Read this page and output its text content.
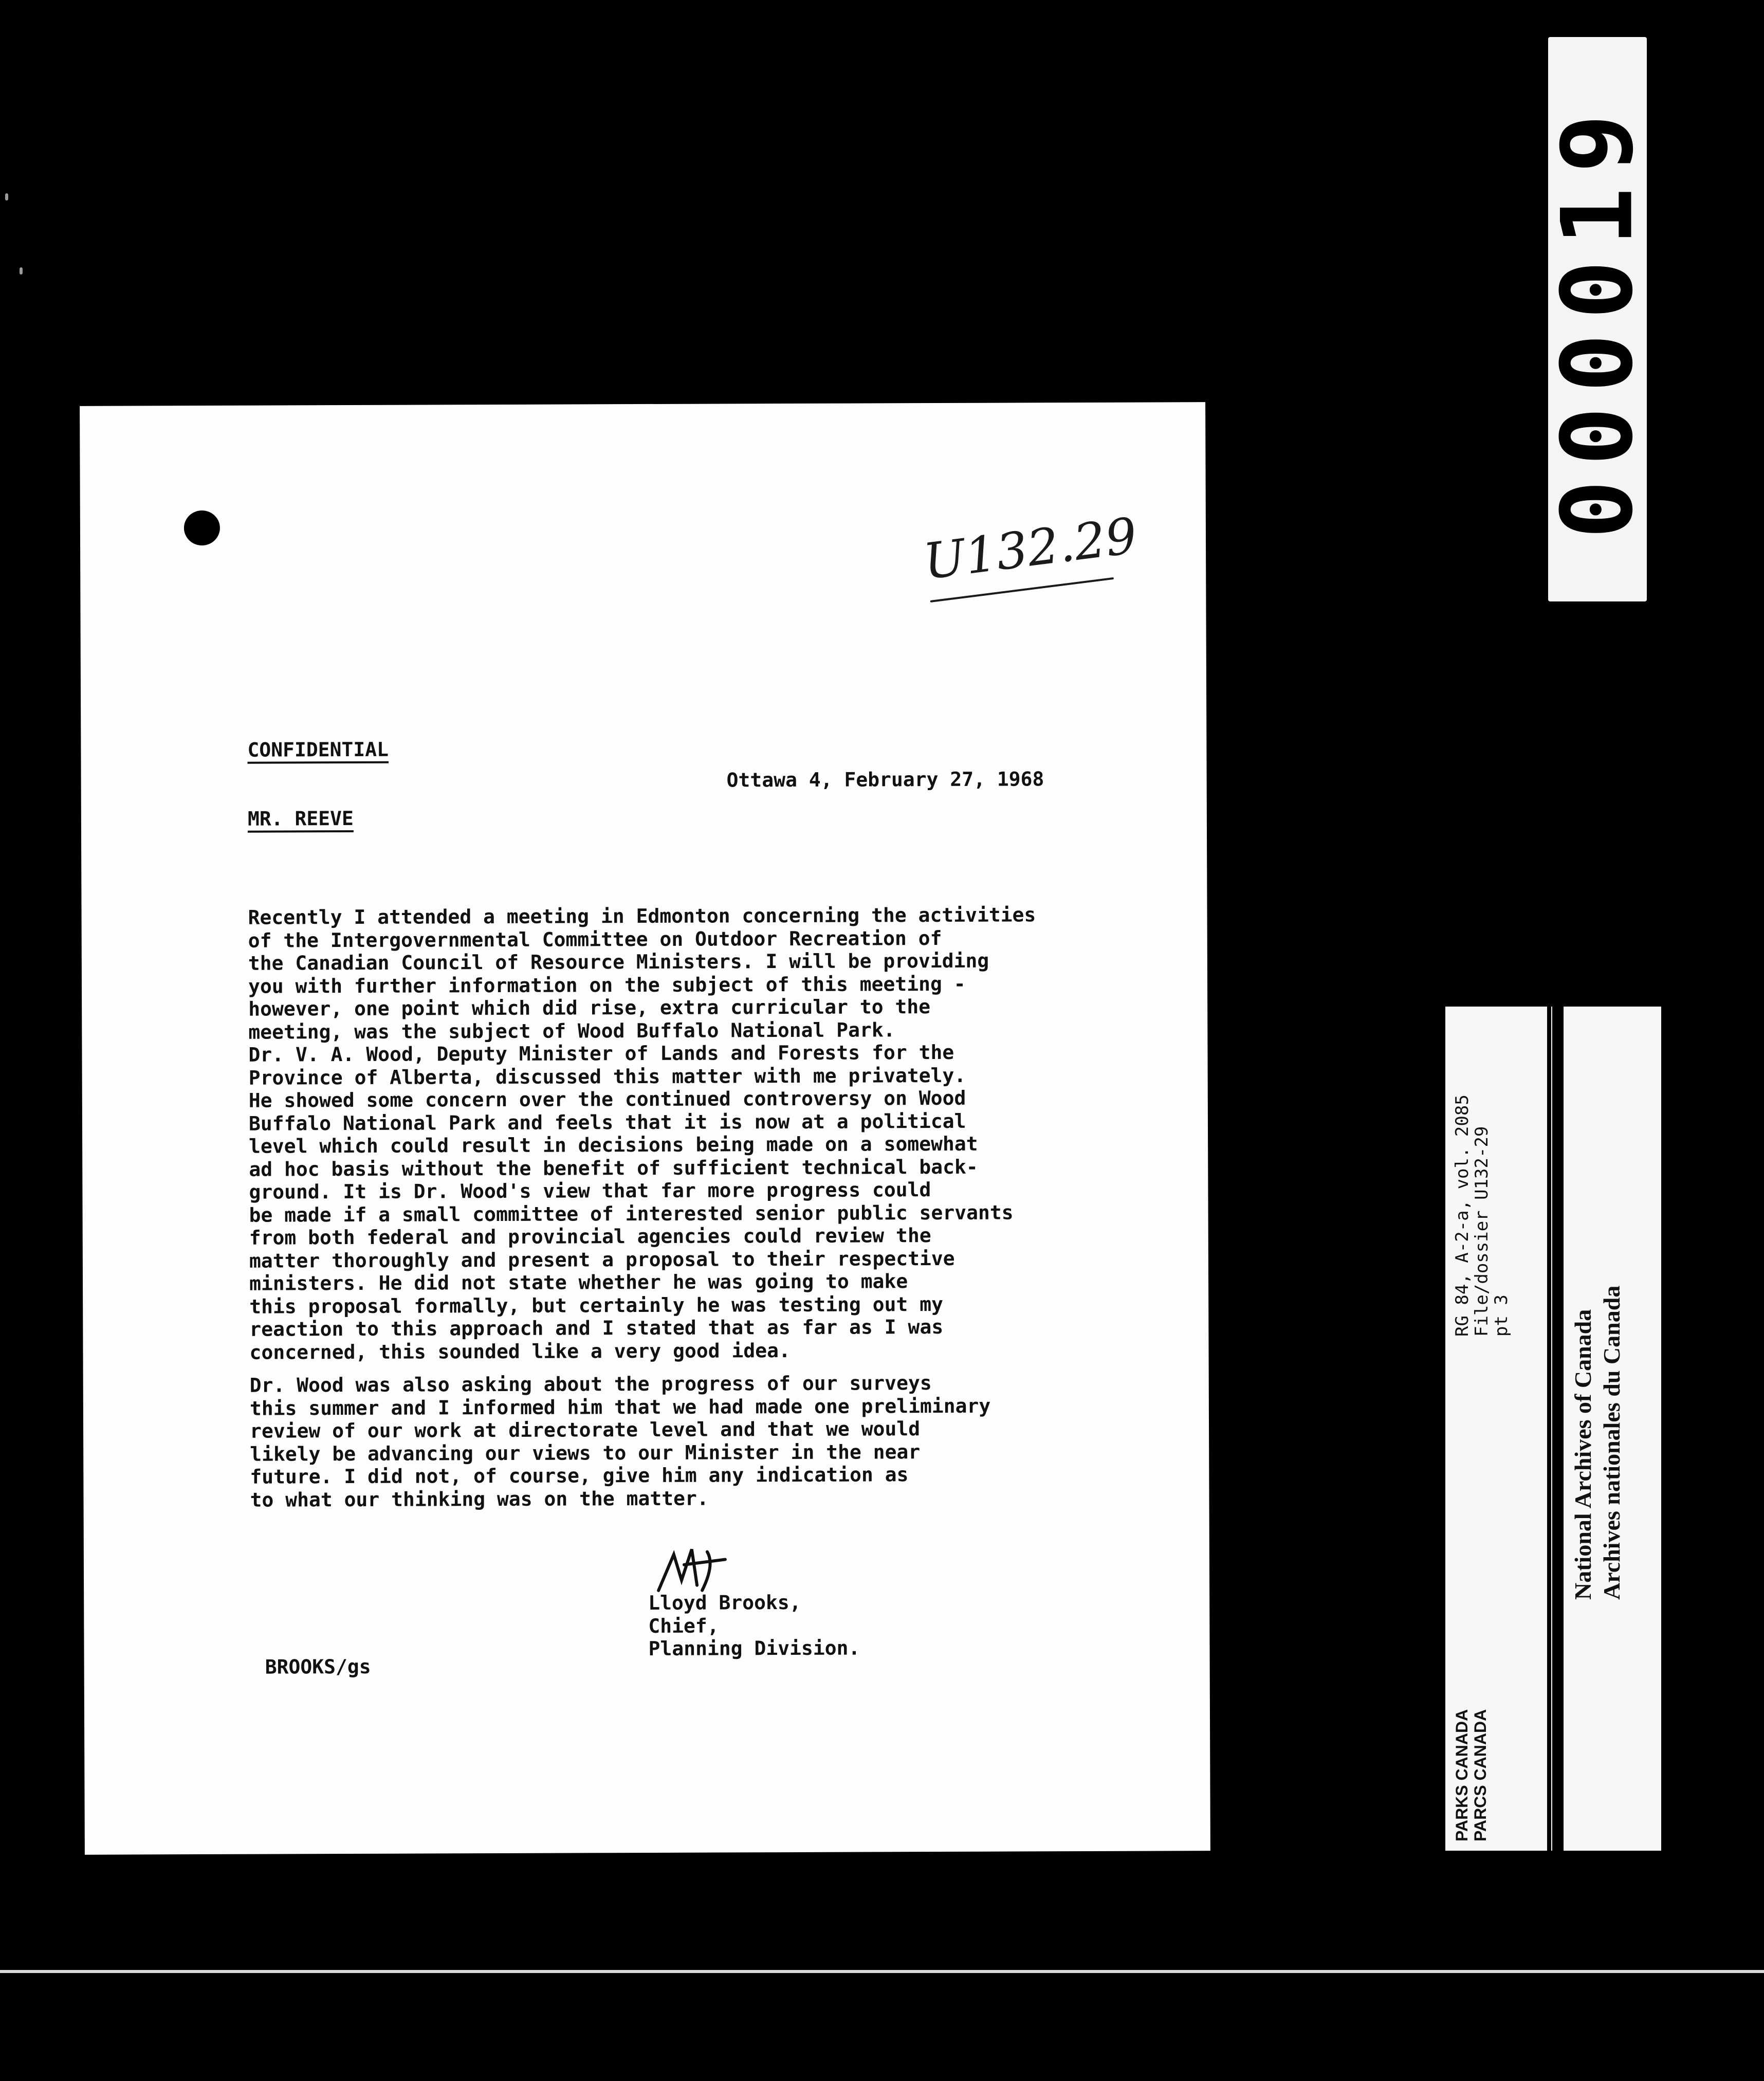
000019
U132.29
CONFIDENTIAL
Ottawa 4, February 27, 1968
MR. REEVE
Recently I attended a meeting in Edmonton concerning the activities
of the Intergovernmental Committee on Outdoor Recreation of
the Canadian Council of Resource Ministers. I will be providing
you with further information on the subject of this meeting -
however, one point which did rise, extra curricular to the
meeting, was the subject of Wood Buffalo National Park.
Dr. V. A. Wood, Deputy Minister of Lands and Forests for the
Province of Alberta, discussed this matter with me privately.
He showed some concern over the continued controversy on Wood
Buffalo National Park and feels that it is now at a political
level which could result in decisions being made on a somewhat
ad hoc basis without the benefit of sufficient technical back-
ground. It is Dr. Wood's view that far more progress could
be made if a small committee of interested senior public servants
from both federal and provincial agencies could review the
matter thoroughly and present a proposal to their respective
ministers. He did not state whether he was going to make
this proposal formally, but certainly he was testing out my
reaction to this approach and I stated that as far as I was
concerned, this sounded like a very good idea.
Dr. Wood was also asking about the progress of our surveys
this summer and I informed him that we had made one preliminary
review of our work at directorate level and that we would
likely be advancing our views to our Minister in the near
future. I did not, of course, give him any indication as
to what our thinking was on the matter.
Lloyd Brooks,
Chief,
Planning Division.
BROOKS/gs
RG 84, A-2-a, vol. 2085
File/dossier U132-29
pt 3
PARKS CANADA PARCS CANADA
National Archives of Canada Archives nationales du Canada
